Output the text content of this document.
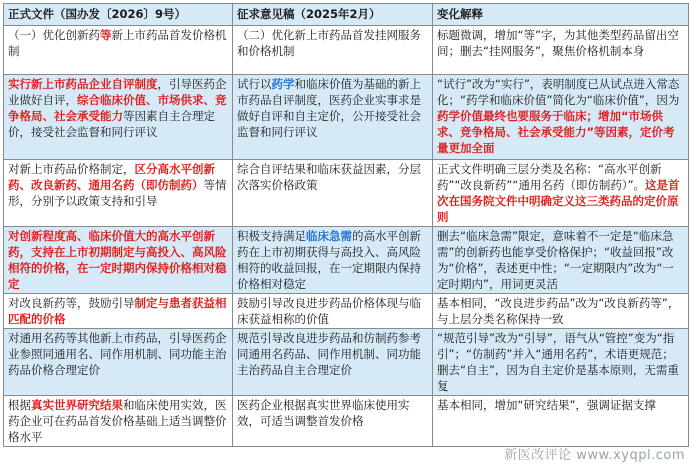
正式文件（国办发〔2026〕9号）	征求意见稿（2025年2月）	变化解释
（一）优化创新药等新上市药品首发价格机制	（二）优化新上市药品首发挂网服务和价格机制	标题微调，增加“等”字，为其他类型药品留出空间；删去“挂网服务”，聚焦价格机制本身
实行新上市药品企业自评制度，引导医药企业做好自评，综合临床价值、市场供求、竞争格局、社会承受能力等因素自主合理定价，接受社会监督和同行评议	试行以药学和临床价值为基础的新上市药品自评制度，医药企业实事求是做好自评和自主定价，公开接受社会监督和同行评议	“试行”改为“实行”，表明制度已从试点进入常态化；“药学和临床价值”简化为“临床价值”，因为药学价值最终也要服务于临床；增加“市场供求、竞争格局、社会承受能力”等因素，定价考量更加全面
对新上市药品价格制定，区分高水平创新药、改良新药、通用名药（即仿制药）等情形，分别予以政策支持和引导	综合自评结果和临床获益因素，分层次落实价格政策	正式文件明确三层分类及名称：“高水平创新药”“改良新药”“通用名药（即仿制药）”。这是首次在国务院文件中明确定义这三类药品的定价原则
对创新程度高、临床价值大的高水平创新药，支持在上市初期制定与高投入、高风险相符的价格，在一定时期内保持价格相对稳定	积极支持满足临床急需的高水平创新药在上市初期获得与高投入、高风险相符的收益回报，在一定期限内保持价格相对稳定	删去“临床急需”限定，意味着不一定是“临床急需”的创新药也能享受价格保护；“收益回报”改为“价格”，表述更中性；“一定期限内”改为“一定时期内”，用词更灵活
对改良新药等，鼓励引导制定与患者获益相匹配的价格	鼓励引导改良进步药品价格体现与临床获益相称的价值	基本相同，“改良进步药品”改为“改良新药等”，与上层分类名称保持一致
对通用名药等其他新上市药品，引导医药企业参照同通用名、同作用机制、同功能主治药品价格合理定价	规范引导改良进步药品和仿制药参考同通用名药品、同作用机制、同功能主治药品自主合理定价	“规范引导”改为“引导”，语气从“管控”变为“指引”；“仿制药”并入“通用名药”，术语更规范；删去“自主”，因为自主定价是基本原则，无需重复
根据真实世界研究结果和临床使用实效，医药企业可在药品首发价格基础上适当调整价格水平	医药企业根据真实世界临床使用实效，可适当调整首发价格	基本相同，增加“研究结果”，强调证据支撑
新医改评论 www.xyqpl.com
